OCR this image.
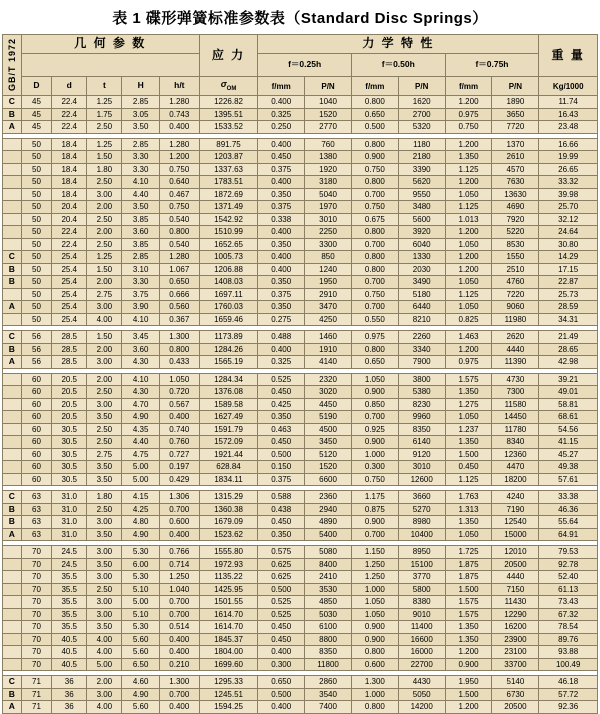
表 1 碟形弹簧标准参数表（Standard Disc Springs）
GB/T 1972	几 何 参 数					应 力	力 学 特 性						重 量
							f＝0.25h		f＝0.50h		f＝0.75h		
	D	d	t	H	h/t	$\sigma_{OM}$	f/mm	P/N	f/mm	P/N	f/mm	P/N	Kg/1000
C	45	22.4	1.25	2.85	1.280	1226.82	0.400	1040	0.800	1620	1.200	1890	11.74
B	45	22.4	1.75	3.05	0.743	1395.51	0.325	1520	0.650	2700	0.975	3650	16.43
A	45	22.4	2.50	3.50	0.400	1533.52	0.250	2770	0.500	5320	0.750	7720	23.48

	50	18.4	1.25	2.85	1.280	891.75	0.400	760	0.800	1180	1.200	1370	16.66
	50	18.4	1.50	3.30	1.200	1203.87	0.450	1380	0.900	2180	1.350	2610	19.99
	50	18.4	1.80	3.30	0.750	1337.63	0.375	1920	0.750	3390	1.125	4570	26.65
	50	18.4	2.50	4.10	0.640	1783.51	0.400	3180	0.800	5620	1.200	7630	33.32
	50	18.4	3.00	4.40	0.467	1872.69	0.350	5040	0.700	9550	1.050	13630	39.98
	50	20.4	2.00	3.50	0.750	1371.49	0.375	1970	0.750	3480	1.125	4690	25.70
	50	20.4	2.50	3.85	0.540	1542.92	0.338	3010	0.675	5600	1.013	7920	32.12
	50	22.4	2.00	3.60	0.800	1510.99	0.400	2250	0.800	3920	1.200	5220	24.64
	50	22.4	2.50	3.85	0.540	1652.65	0.350	3300	0.700	6040	1.050	8530	30.80
C	50	25.4	1.25	2.85	1.280	1005.73	0.400	850	0.800	1330	1.200	1550	14.29
B	50	25.4	1.50	3.10	1.067	1206.88	0.400	1240	0.800	2030	1.200	2510	17.15
B	50	25.4	2.00	3.30	0.650	1408.03	0.350	1950	0.700	3490	1.050	4760	22.87
	50	25.4	2.75	3.75	0.666	1697.11	0.375	2910	0.750	5180	1.125	7220	25.73
A	50	25.4	3.00	3.90	0.560	1760.03	0.350	3470	0.700	6440	1.050	9060	28.59
	50	25.4	4.00	4.10	0.367	1659.46	0.275	4250	0.550	8210	0.825	11980	34.31

C	56	28.5	1.50	3.45	1.300	1173.89	0.488	1460	0.975	2260	1.463	2620	21.49
B	56	28.5	2.00	3.60	0.800	1284.26	0.400	1910	0.800	3340	1.200	4440	28.65
A	56	28.5	3.00	4.30	0.433	1565.19	0.325	4140	0.650	7900	0.975	11390	42.98

	60	20.5	2.00	4.10	1.050	1284.34	0.525	2320	1.050	3800	1.575	4730	39.21
	60	20.5	2.50	4.30	0.720	1376.08	0.450	3020	0.900	5380	1.350	7300	49.01
	60	20.5	3.00	4.70	0.567	1589.58	0.425	4450	0.850	8230	1.275	11580	58.81
	60	20.5	3.50	4.90	0.400	1627.49	0.350	5190	0.700	9960	1.050	14450	68.61
	60	30.5	2.50	4.35	0.740	1591.79	0.463	4500	0.925	8350	1.237	11780	54.56
	60	30.5	2.50	4.40	0.760	1572.09	0.450	3450	0.900	6140	1.350	8340	41.15
	60	30.5	2.75	4.75	0.727	1921.44	0.500	5120	1.000	9120	1.500	12360	45.27
	60	30.5	3.50	5.00	0.197	628.84	0.150	1520	0.300	3010	0.450	4470	49.38
	60	30.5	3.50	5.00	0.429	1834.11	0.375	6600	0.750	12600	1.125	18200	57.61

C	63	31.0	1.80	4.15	1.306	1315.29	0.588	2360	1.175	3660	1.763	4240	33.38
B	63	31.0	2.50	4.25	0.700	1360.38	0.438	2940	0.875	5270	1.313	7190	46.36
B	63	31.0	3.00	4.80	0.600	1679.09	0.450	4890	0.900	8980	1.350	12540	55.64
A	63	31.0	3.50	4.90	0.400	1523.62	0.350	5400	0.700	10400	1.050	15000	64.91

	70	24.5	3.00	5.30	0.766	1555.80	0.575	5080	1.150	8950	1.725	12010	79.53
	70	24.5	3.50	6.00	0.714	1972.93	0.625	8400	1.250	15100	1.875	20500	92.78
	70	35.5	3.00	5.30	1.250	1135.22	0.625	2410	1.250	3770	1.875	4440	52.40
	70	35.5	2.50	5.10	1.040	1425.95	0.500	3530	1.000	5800	1.500	7150	61.13
	70	35.5	3.00	5.00	0.700	1501.55	0.525	4850	1.050	8380	1.575	11430	73.43
	70	35.5	3.00	5.10	0.700	1614.70	0.525	5030	1.050	9010	1.575	12290	67.32
	70	35.5	3.50	5.30	0.514	1614.70	0.450	6100	0.900	11400	1.350	16200	78.54
	70	40.5	4.00	5.60	0.400	1845.37	0.450	8800	0.900	16600	1.350	23900	89.76
	70	40.5	4.00	5.60	0.400	1804.00	0.400	8350	0.800	16000	1.200	23100	93.88
	70	40.5	5.00	6.50	0.210	1699.60	0.300	11800	0.600	22700	0.900	33700	100.49

C	71	36	2.00	4.60	1.300	1295.33	0.650	2860	1.300	4430	1.950	5140	46.18
B	71	36	3.00	4.90	0.700	1245.51	0.500	3540	1.000	5050	1.500	6730	57.72
A	71	36	4.00	5.60	0.400	1594.25	0.400	7400	0.800	14200	1.200	20500	92.36
